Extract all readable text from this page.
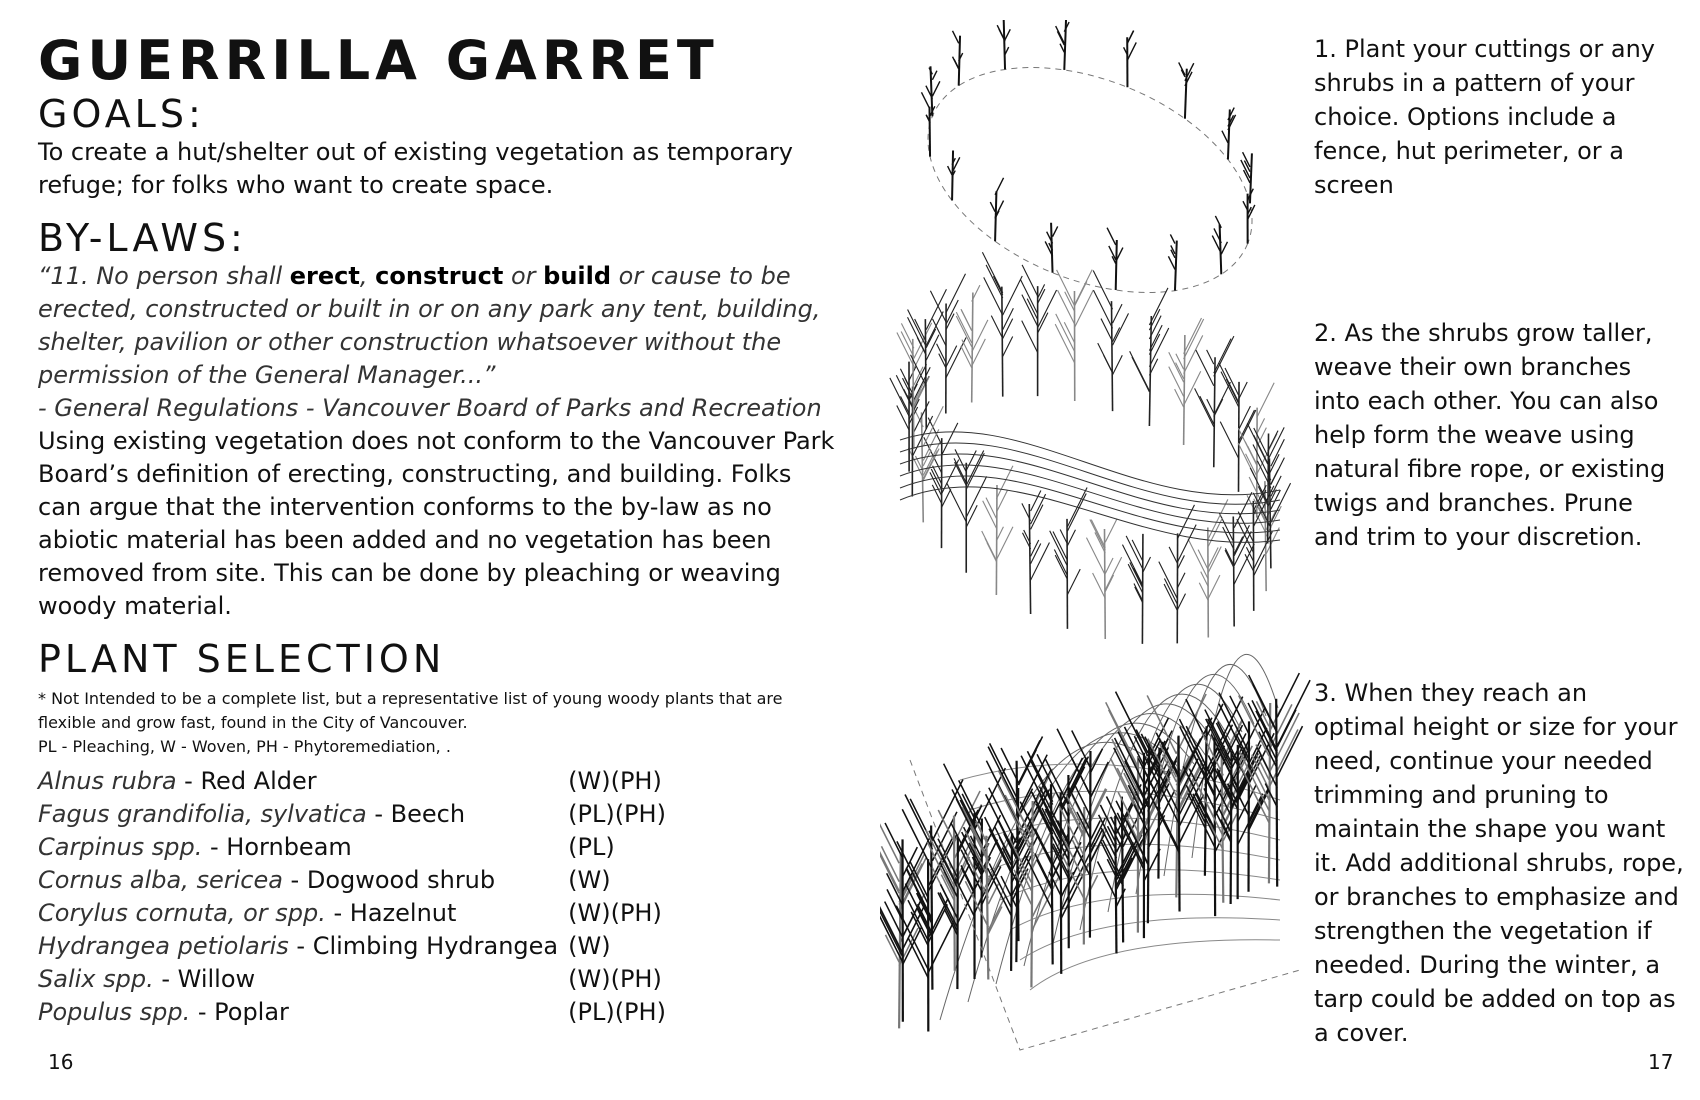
GUERRILLA GARRET
GOALS:

To create a hut/shelter out of existing vegetation as temporary refuge; for folks who want to create space.

BY-LAWS:

“11. No person shall erect, construct or build or cause to be erected, constructed or built in or on any park any tent, building, shelter, pavilion or other construction whatsoever without the permission of the General Manager...”

- General Regulations - Vancouver Board of Parks and Recreation

Using existing vegetation does not conform to the Vancouver Park Board’s definition of erecting, constructing, and building. Folks can argue that the intervention conforms to the by-law as no abiotic material has been added and no vegetation has been removed from site. This can be done by pleaching or weaving woody material.

PLANT SELECTION

* Not Intended to be a complete list, but a representative list of young woody plants that are flexible and grow fast, found in the City of Vancouver.

PL - Pleaching, W - Woven, PH - Phytoremediation, .

Alnus rubra - Red Alder	(W)(PH)
Fagus grandifolia, sylvatica - Beech	(PL)(PH)
Carpinus spp. - Hornbeam	(PL)
Cornus alba, sericea - Dogwood shrub	(W)
Corylus cornuta, or spp. - Hazelnut	(W)(PH)
Hydrangea petiolaris - Climbing Hydrangea	(W)
Salix spp. - Willow	(W)(PH)
Populus spp. - Poplar	(PL)(PH)
16	17

1. Plant your cuttings or any shrubs in a pattern of your choice. Options include a fence, hut perimeter, or a screen

2. As the shrubs grow taller, weave their own branches into each other. You can also help form the weave using natural fibre rope, or existing twigs and branches. Prune and trim to your discretion.

3. When they reach an optimal height or size for your need, continue your needed trimming and pruning to maintain the shape you want it. Add additional shrubs, rope, or branches to emphasize and strengthen the vegetation if needed. During the winter, a tarp could be added on top as a cover.
